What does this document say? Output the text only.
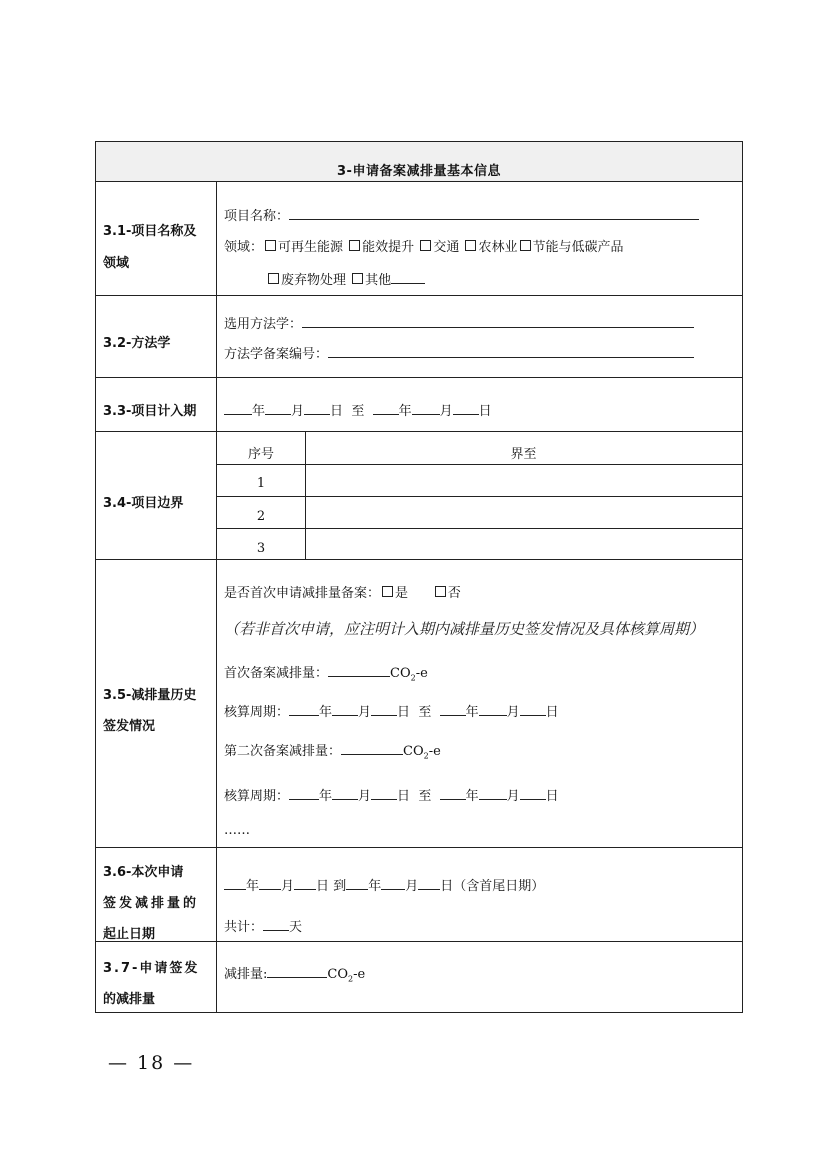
3-申请备案减排量基本信息
3.1-项目名称及
领域
项目名称：
领域： 可再生能源 能效提升 交通 农林业 节能与低碳产品
废弃物处理 其他
3.2-方法学
选用方法学：
方法学备案编号：
3.3-项目计入期	年 月 日 至	年 月 日
3.4-项目边界
序号	界至
1
2
3
3.5-减排量历史
签发情况
是否首次申请减排量备案： 是	否
（若非首次申请，应注明计入期内减排量历史签发情况及具体核算周期）
首次备案减排量：	$CO_2-e$
核算周期： 年 月 日 至	年 月 日
第二次备案减排量：	$CO_2-e$
核算周期： 年 月 日 至	年 月 日
……
3.6-本次申请
签发减排量的
起止日期
年 月 日 到 年 月 日（含首尾日期）
共计： 天
3.7-申请签发
的减排量
减排量:	$CO_2-e$
— 18 —
